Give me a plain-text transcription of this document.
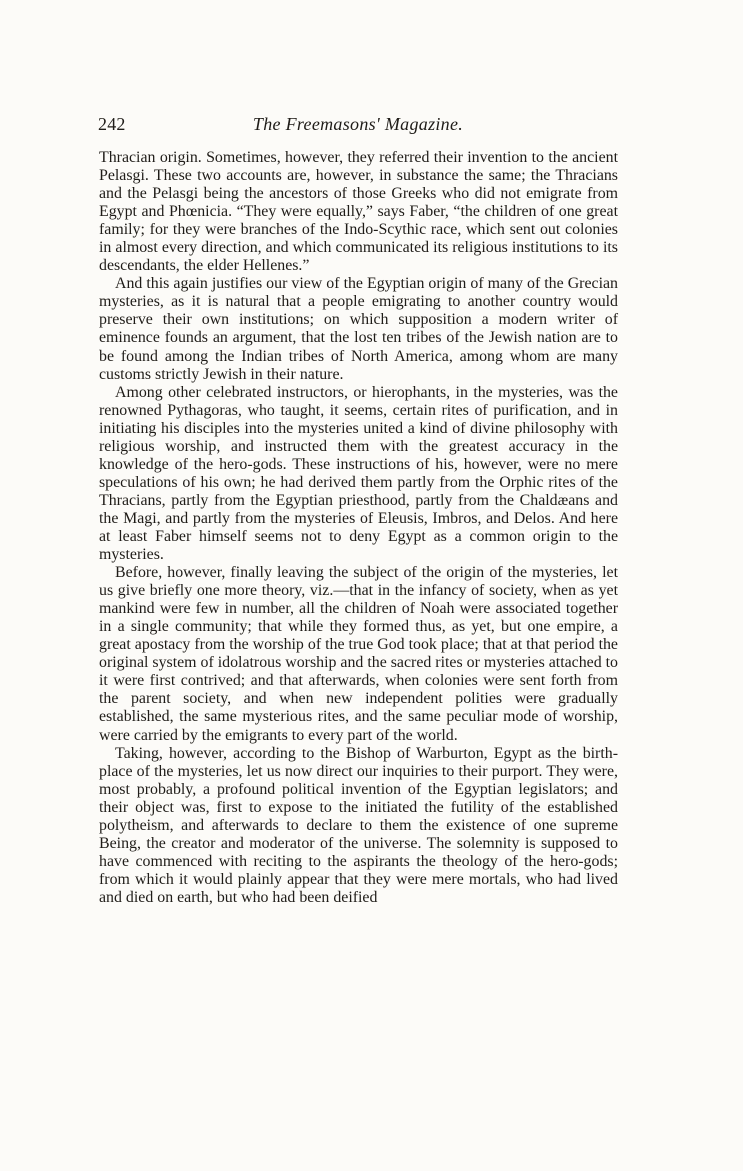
242	The Freemasons' Magazine.

Thracian origin. Sometimes, however, they referred their invention to the ancient Pelasgi. These two accounts are, however, in substance the same; the Thracians and the Pelasgi being the ancestors of those Greeks who did not emigrate from Egypt and Phœnicia. “They were equally,” says Faber, “the children of one great family; for they were branches of the Indo-Scythic race, which sent out colonies in almost every direction, and which communicated its religious institutions to its descendants, the elder Hellenes.”

And this again justifies our view of the Egyptian origin of many of the Grecian mysteries, as it is natural that a people emigrating to another country would preserve their own institutions; on which supposition a modern writer of eminence founds an argument, that the lost ten tribes of the Jewish nation are to be found among the Indian tribes of North America, among whom are many customs strictly Jewish in their nature.

Among other celebrated instructors, or hierophants, in the mysteries, was the renowned Pythagoras, who taught, it seems, certain rites of purification, and in initiating his disciples into the mysteries united a kind of divine philosophy with religious worship, and instructed them with the greatest accuracy in the knowledge of the hero-gods. These instructions of his, however, were no mere speculations of his own; he had derived them partly from the Orphic rites of the Thracians, partly from the Egyptian priesthood, partly from the Chaldæans and the Magi, and partly from the mysteries of Eleusis, Imbros, and Delos. And here at least Faber himself seems not to deny Egypt as a common origin to the mysteries.

Before, however, finally leaving the subject of the origin of the mysteries, let us give briefly one more theory, viz.—that in the infancy of society, when as yet mankind were few in number, all the children of Noah were associated together in a single community; that while they formed thus, as yet, but one empire, a great apostacy from the worship of the true God took place; that at that period the original system of idolatrous worship and the sacred rites or mysteries attached to it were first contrived; and that afterwards, when colonies were sent forth from the parent society, and when new independent polities were gradually established, the same mysterious rites, and the same peculiar mode of worship, were carried by the emigrants to every part of the world.

Taking, however, according to the Bishop of Warburton, Egypt as the birth-place of the mysteries, let us now direct our inquiries to their purport. They were, most probably, a profound political invention of the Egyptian legislators; and their object was, first to expose to the initiated the futility of the established polytheism, and afterwards to declare to them the existence of one supreme Being, the creator and moderator of the universe. The solemnity is supposed to have commenced with reciting to the aspirants the theology of the hero-gods; from which it would plainly appear that they were mere mortals, who had lived and died on earth, but who had been deified
